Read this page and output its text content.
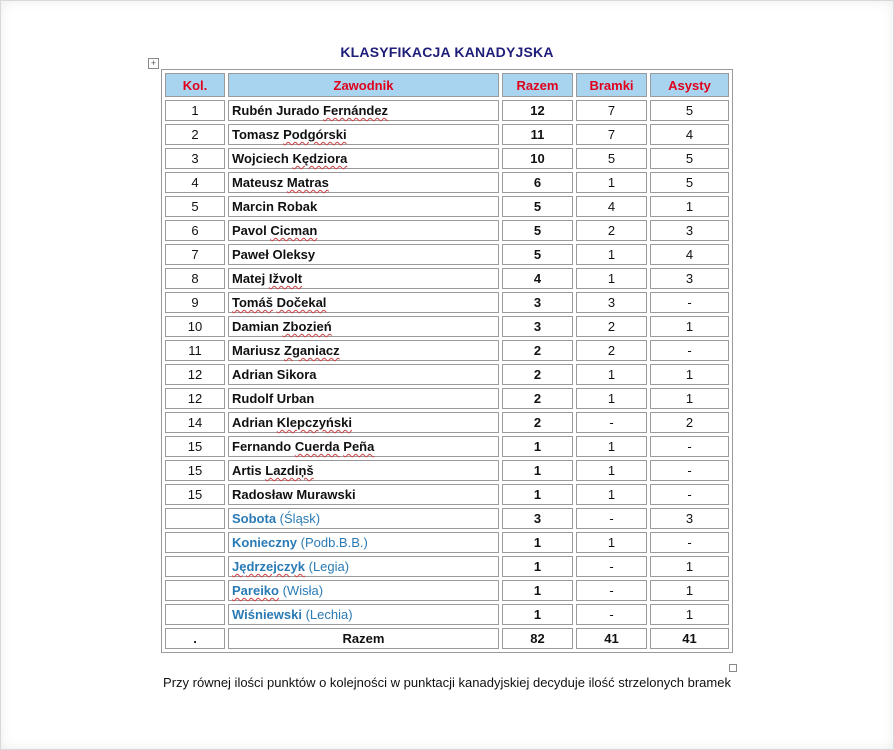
KLASYFIKACJA KANADYJSKA
+
Kol.	Zawodnik	Razem	Bramki	Asysty
1	Rubén Jurado Fernández	12	7	5
2	Tomasz Podgórski	11	7	4
3	Wojciech Kędziora	10	5	5
4	Mateusz Matras	6	1	5
5	Marcin Robak	5	4	1
6	Pavol Cicman	5	2	3
7	Paweł Oleksy	5	1	4
8	Matej Ižvolt	4	1	3
9	Tomáš Dočekal	3	3	-
10	Damian Zbozień	3	2	1
11	Mariusz Zganiacz	2	2	-
12	Adrian Sikora	2	1	1
12	Rudolf Urban	2	1	1
14	Adrian Klepczyński	2	-	2
15	Fernando Cuerda Peña	1	1	-
15	Artis Lazdiņš	1	1	-
15	Radosław Murawski	1	1	-
	Sobota (Śląsk)	3	-	3
	Konieczny (Podb.B.B.)	1	1	-
	Jędrzejczyk (Legia)	1	-	1
	Pareiko (Wisła)	1	-	1
	Wiśniewski (Lechia)	1	-	1
.	Razem	82	41	41
Przy równej ilości punktów o kolejności w punktacji kanadyjskiej decyduje ilość strzelonych bramek
